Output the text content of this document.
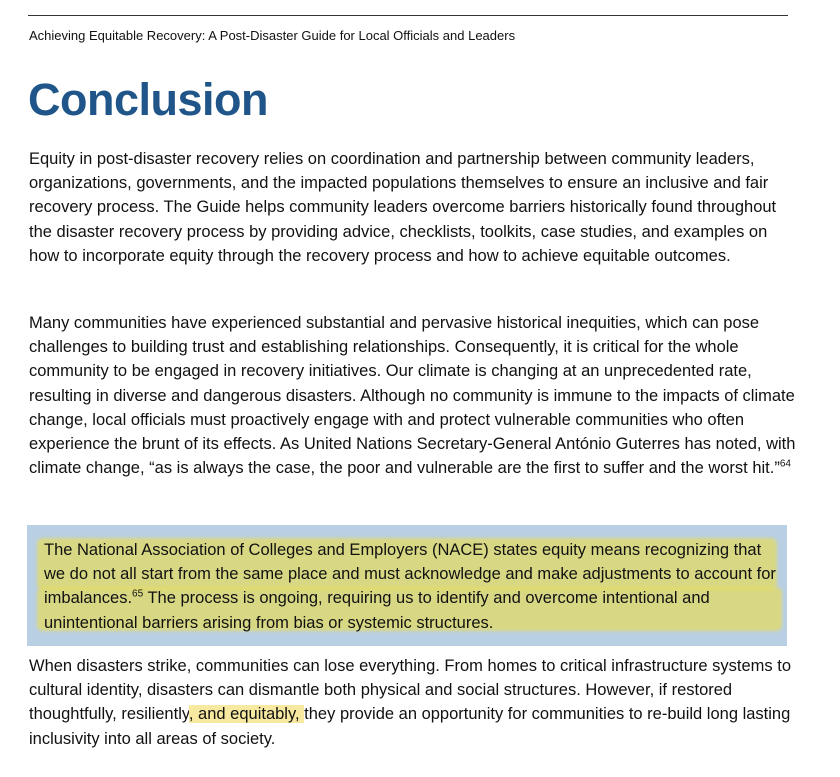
Achieving Equitable Recovery: A Post-Disaster Guide for Local Officials and Leaders
Conclusion

Equity in post-disaster recovery relies on coordination and partnership between community leaders, organizations, governments, and the impacted populations themselves to ensure an inclusive and fair recovery process. The Guide helps community leaders overcome barriers historically found throughout the disaster recovery process by providing advice, checklists, toolkits, case studies, and examples on how to incorporate equity through the recovery process and how to achieve equitable outcomes.

Many communities have experienced substantial and pervasive historical inequities, which can pose challenges to building trust and establishing relationships. Consequently, it is critical for the whole community to be engaged in recovery initiatives. Our climate is changing at an unprecedented rate, resulting in diverse and dangerous disasters. Although no community is immune to the impacts of climate change, local officials must proactively engage with and protect vulnerable communities who often experience the brunt of its effects. As United Nations Secretary-General António Guterres has noted, with climate change, “as is always the case, the poor and vulnerable are the first to suffer and the worst hit.”$^{64}$

The National Association of Colleges and Employers (NACE) states equity means recognizing that we do not all start from the same place and must acknowledge and make adjustments to account for imbalances.$^{65}$ The process is ongoing, requiring us to identify and overcome intentional and unintentional barriers arising from bias or systemic structures.

When disasters strike, communities can lose everything. From homes to critical infrastructure systems to cultural identity, disasters can dismantle both physical and social structures. However, if restored thoughtfully, resiliently, and equitably, they provide an opportunity for communities to re-build long lasting inclusivity into all areas of society.
